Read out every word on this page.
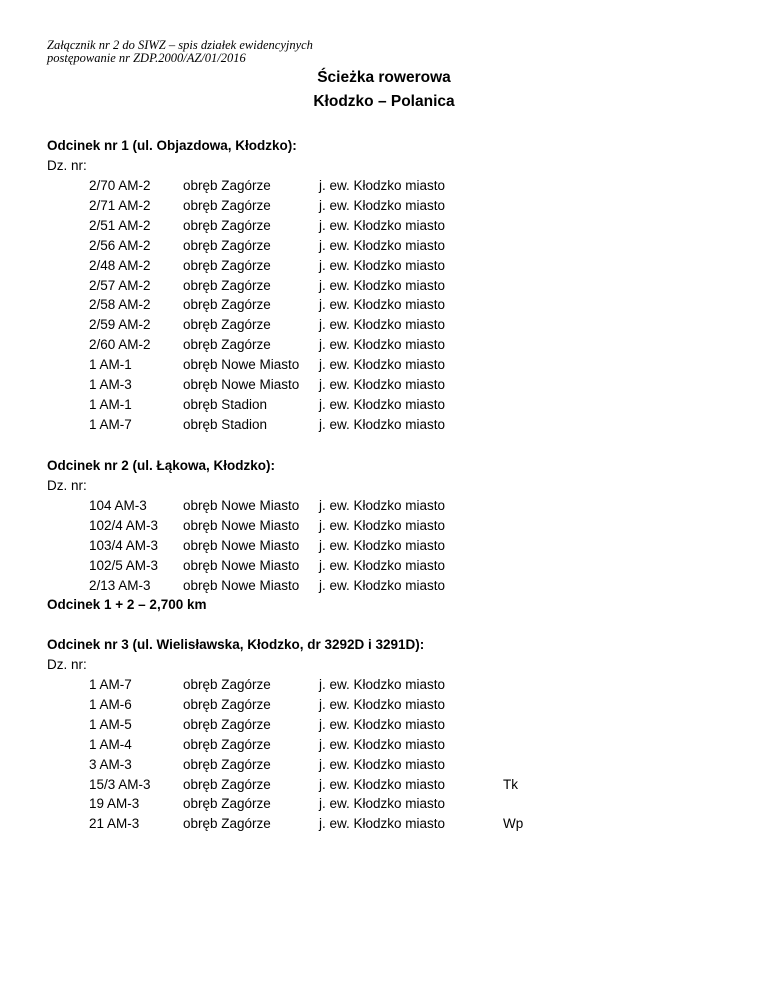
Załącznik nr 2 do SIWZ – spis działek ewidencyjnych
postępowanie nr ZDP.2000/AZ/01/2016
Ścieżka rowerowa
Kłodzko – Polanica
Odcinek nr 1 (ul. Objazdowa, Kłodzko):
Dz. nr:
2/70 AM-2 obręb Zagórze	j. ew. Kłodzko miasto
2/71 AM-2 obręb Zagórze	j. ew. Kłodzko miasto
2/51 AM-2 obręb Zagórze	j. ew. Kłodzko miasto
2/56 AM-2 obręb Zagórze	j. ew. Kłodzko miasto
2/48 AM-2 obręb Zagórze	j. ew. Kłodzko miasto
2/57 AM-2 obręb Zagórze	j. ew. Kłodzko miasto
2/58 AM-2 obręb Zagórze	j. ew. Kłodzko miasto
2/59 AM-2 obręb Zagórze	j. ew. Kłodzko miasto
2/60 AM-2 obręb Zagórze	j. ew. Kłodzko miasto
1 AM-1	obręb Nowe Miasto j. ew. Kłodzko miasto
1 AM-3	obręb Nowe Miasto j. ew. Kłodzko miasto
1 AM-1	obręb Stadion	j. ew. Kłodzko miasto
1 AM-7	obręb Stadion	j. ew. Kłodzko miasto
Odcinek nr 2 (ul. Łąkowa, Kłodzko):
Dz. nr:
104 AM-3	obręb Nowe Miasto j. ew. Kłodzko miasto
102/4 AM-3 obręb Nowe Miasto j. ew. Kłodzko miasto
103/4 AM-3 obręb Nowe Miasto j. ew. Kłodzko miasto
102/5 AM-3 obręb Nowe Miasto j. ew. Kłodzko miasto
2/13 AM-3 obręb Nowe Miasto j. ew. Kłodzko miasto
Odcinek 1 + 2 – 2,700 km
Odcinek nr 3 (ul. Wielisławska, Kłodzko, dr 3292D i 3291D):
Dz. nr:
1 AM-7	obręb Zagórze	j. ew. Kłodzko miasto
1 AM-6	obręb Zagórze	j. ew. Kłodzko miasto
1 AM-5	obręb Zagórze	j. ew. Kłodzko miasto
1 AM-4	obręb Zagórze	j. ew. Kłodzko miasto
3 AM-3	obręb Zagórze	j. ew. Kłodzko miasto
15/3 AM-3 obręb Zagórze	j. ew. Kłodzko miasto	Tk
19 AM-3	obręb Zagórze	j. ew. Kłodzko miasto
21 AM-3	obręb Zagórze	j. ew. Kłodzko miasto	Wp
